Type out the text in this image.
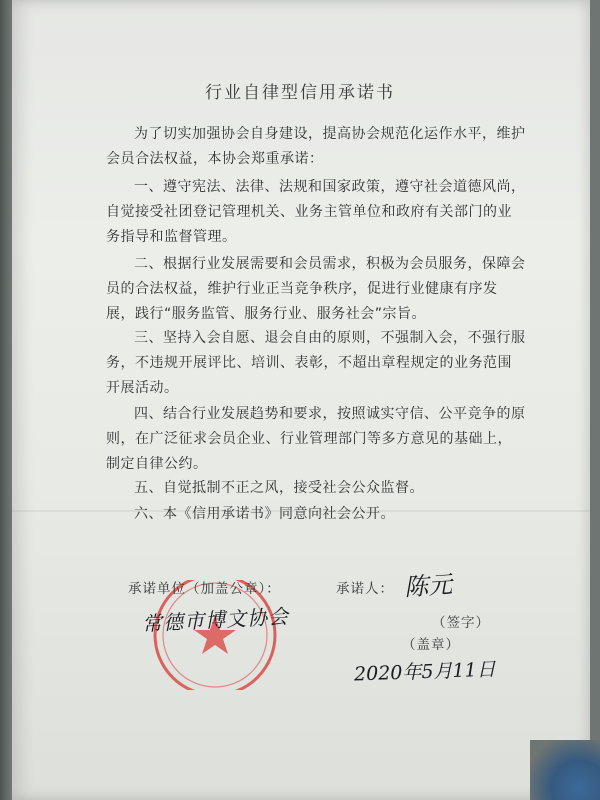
行业自律型信用承诺书

为了切实加强协会自身建设，提高协会规范化运作水平，维护会员合法权益，本协会郑重承诺：

一、遵守宪法、法律、法规和国家政策，遵守社会道德风尚，自觉接受社团登记管理机关、业务主管单位和政府有关部门的业务指导和监督管理。

二、根据行业发展需要和会员需求，积极为会员服务，保障会员的合法权益，维护行业正当竞争秩序，促进行业健康有序发展，践行“服务监管、服务行业、服务社会”宗旨。

三、坚持入会自愿、退会自由的原则，不强制入会，不强行服务，不违规开展评比、培训、表彰，不超出章程规定的业务范围开展活动。

四、结合行业发展趋势和要求，按照诚实守信、公平竞争的原则，在广泛征求会员企业、行业管理部门等多方意见的基础上，制定自律公约。

五、自觉抵制不正之风，接受社会公众监督。

六、本《信用承诺书》同意向社会公开。

承诺单位（加盖公章）：	承诺人： 陈元
常德市博文协会	（签字）
（盖章）
2020年5月11日
